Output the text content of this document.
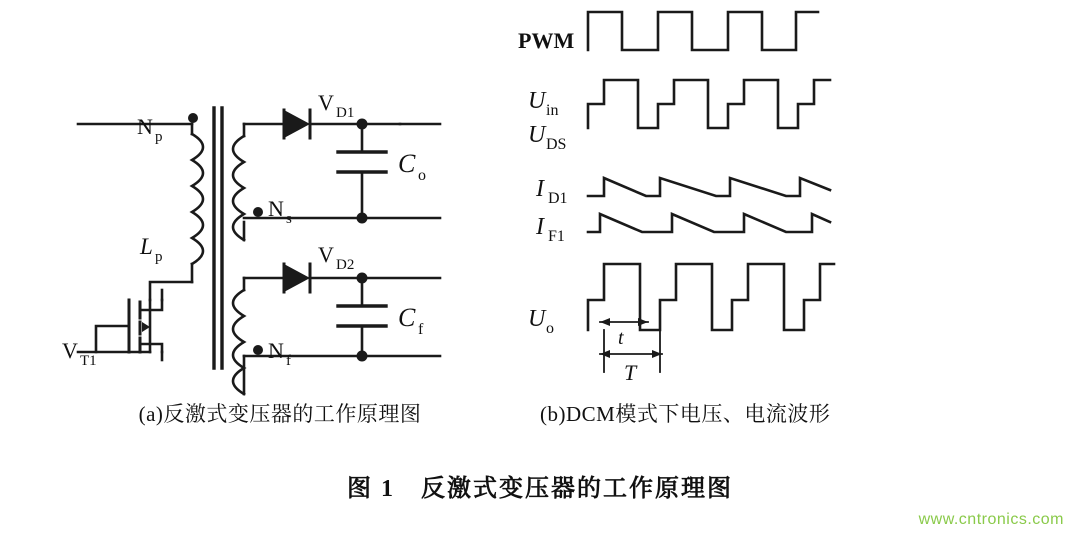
N p
N s
N f
L p
V T1
V D1
V D2
C o
C f
PWM
U in
U DS
I D1
I F1
U o	t
T
(a)反激式变压器的工作原理图	(b)DCM模式下电压、电流波形
图 1　反激式变压器的工作原理图
www.cntronics.com
